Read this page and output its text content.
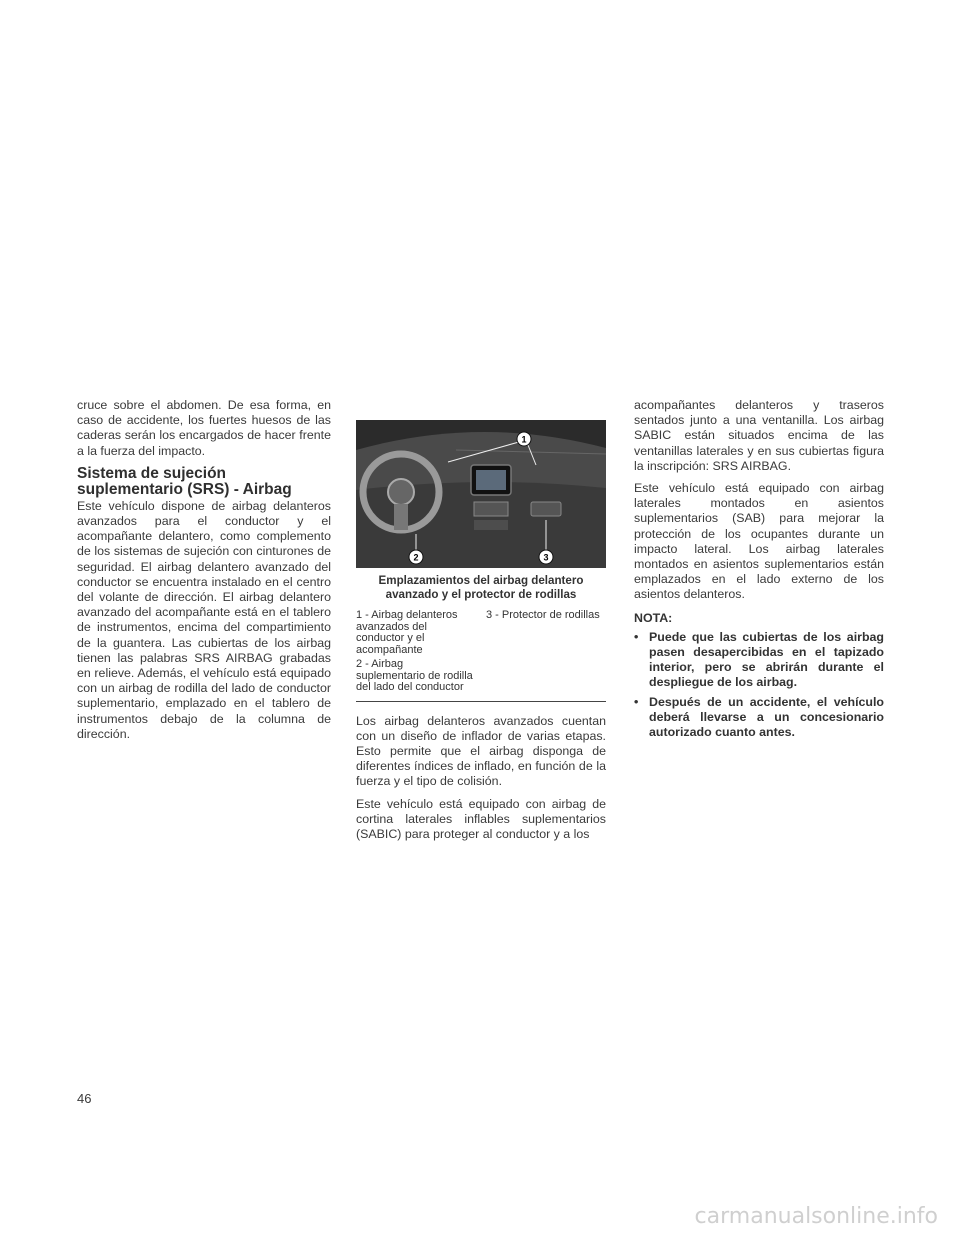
cruce sobre el abdomen. De esa forma, en caso de accidente, los fuertes huesos de las caderas serán los encargados de hacer frente a la fuerza del impacto.

Sistema de sujeción suplementario (SRS) - Airbag

Este vehículo dispone de airbag delanteros avanzados para el conductor y el acompañante delantero, como complemento de los sistemas de sujeción con cinturones de seguridad. El airbag delantero avanzado del conductor se encuentra instalado en el centro del volante de dirección. El airbag delantero avanzado del acompañante está en el tablero de instrumentos, encima del compartimiento de la guantera. Las cubiertas de los airbag tienen las palabras SRS AIRBAG grabadas en relieve. Además, el vehículo está equipado con un airbag de rodilla del lado de conductor suplementario, emplazado en el tablero de instrumentos debajo de la columna de dirección.

1
2	3
Emplazamientos del airbag delantero avanzado y el protector de rodillas
1 - Airbag delanteros avanzados del conductor y el acompañante
2 - Airbag suplementario de rodilla del lado del conductor
3 - Protector de rodillas

Los airbag delanteros avanzados cuentan con un diseño de inflador de varias etapas. Esto permite que el airbag disponga de diferentes índices de inflado, en función de la fuerza y el tipo de colisión.

Este vehículo está equipado con airbag de cortina laterales inflables suplementarios (SABIC) para proteger al conductor y a los

acompañantes delanteros y traseros sentados junto a una ventanilla. Los airbag SABIC están situados encima de las ventanillas laterales y en sus cubiertas figura la inscripción: SRS AIRBAG.

Este vehículo está equipado con airbag laterales montados en asientos suplementarios (SAB) para mejorar la protección de los ocupantes durante un impacto lateral. Los airbag laterales montados en asientos suplementarios están emplazados en el lado externo de los asientos delanteros.

NOTA:
• Puede que las cubiertas de los airbag pasen desapercibidas en el tapizado interior, pero se abrirán durante el despliegue de los airbag.
• Después de un accidente, el vehículo deberá llevarse a un concesionario autorizado cuanto antes.
46
carmanualsonline.info
